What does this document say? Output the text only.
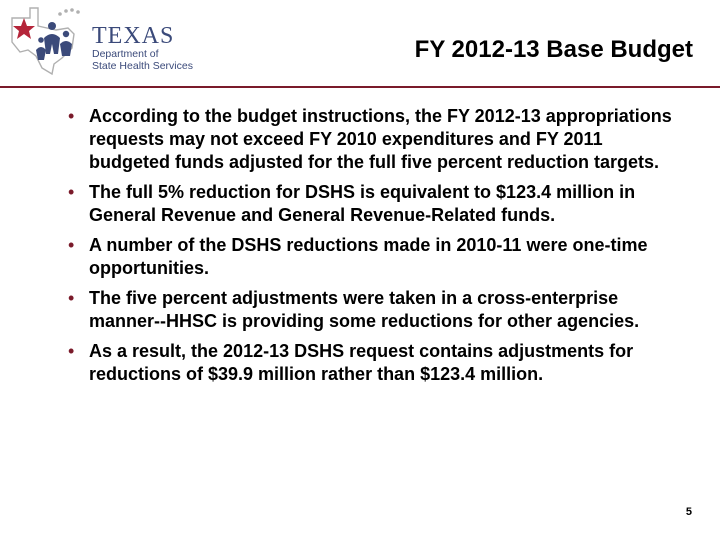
TEXAS
Department of
State Health Services
FY 2012-13 Base Budget
• According to the budget instructions, the FY 2012-13 appropriations requests may not exceed FY 2010 expenditures and FY 2011 budgeted funds adjusted for the full five percent reduction targets.
• The full 5% reduction for DSHS is equivalent to $123.4 million in General Revenue and General Revenue-Related funds.
• A number of the DSHS reductions made in 2010-11 were one-time opportunities.
• The five percent adjustments were taken in a cross-enterprise manner--HHSC is providing some reductions for other agencies.
• As a result, the 2012-13 DSHS request contains adjustments for reductions of $39.9 million rather than $123.4 million.
5
